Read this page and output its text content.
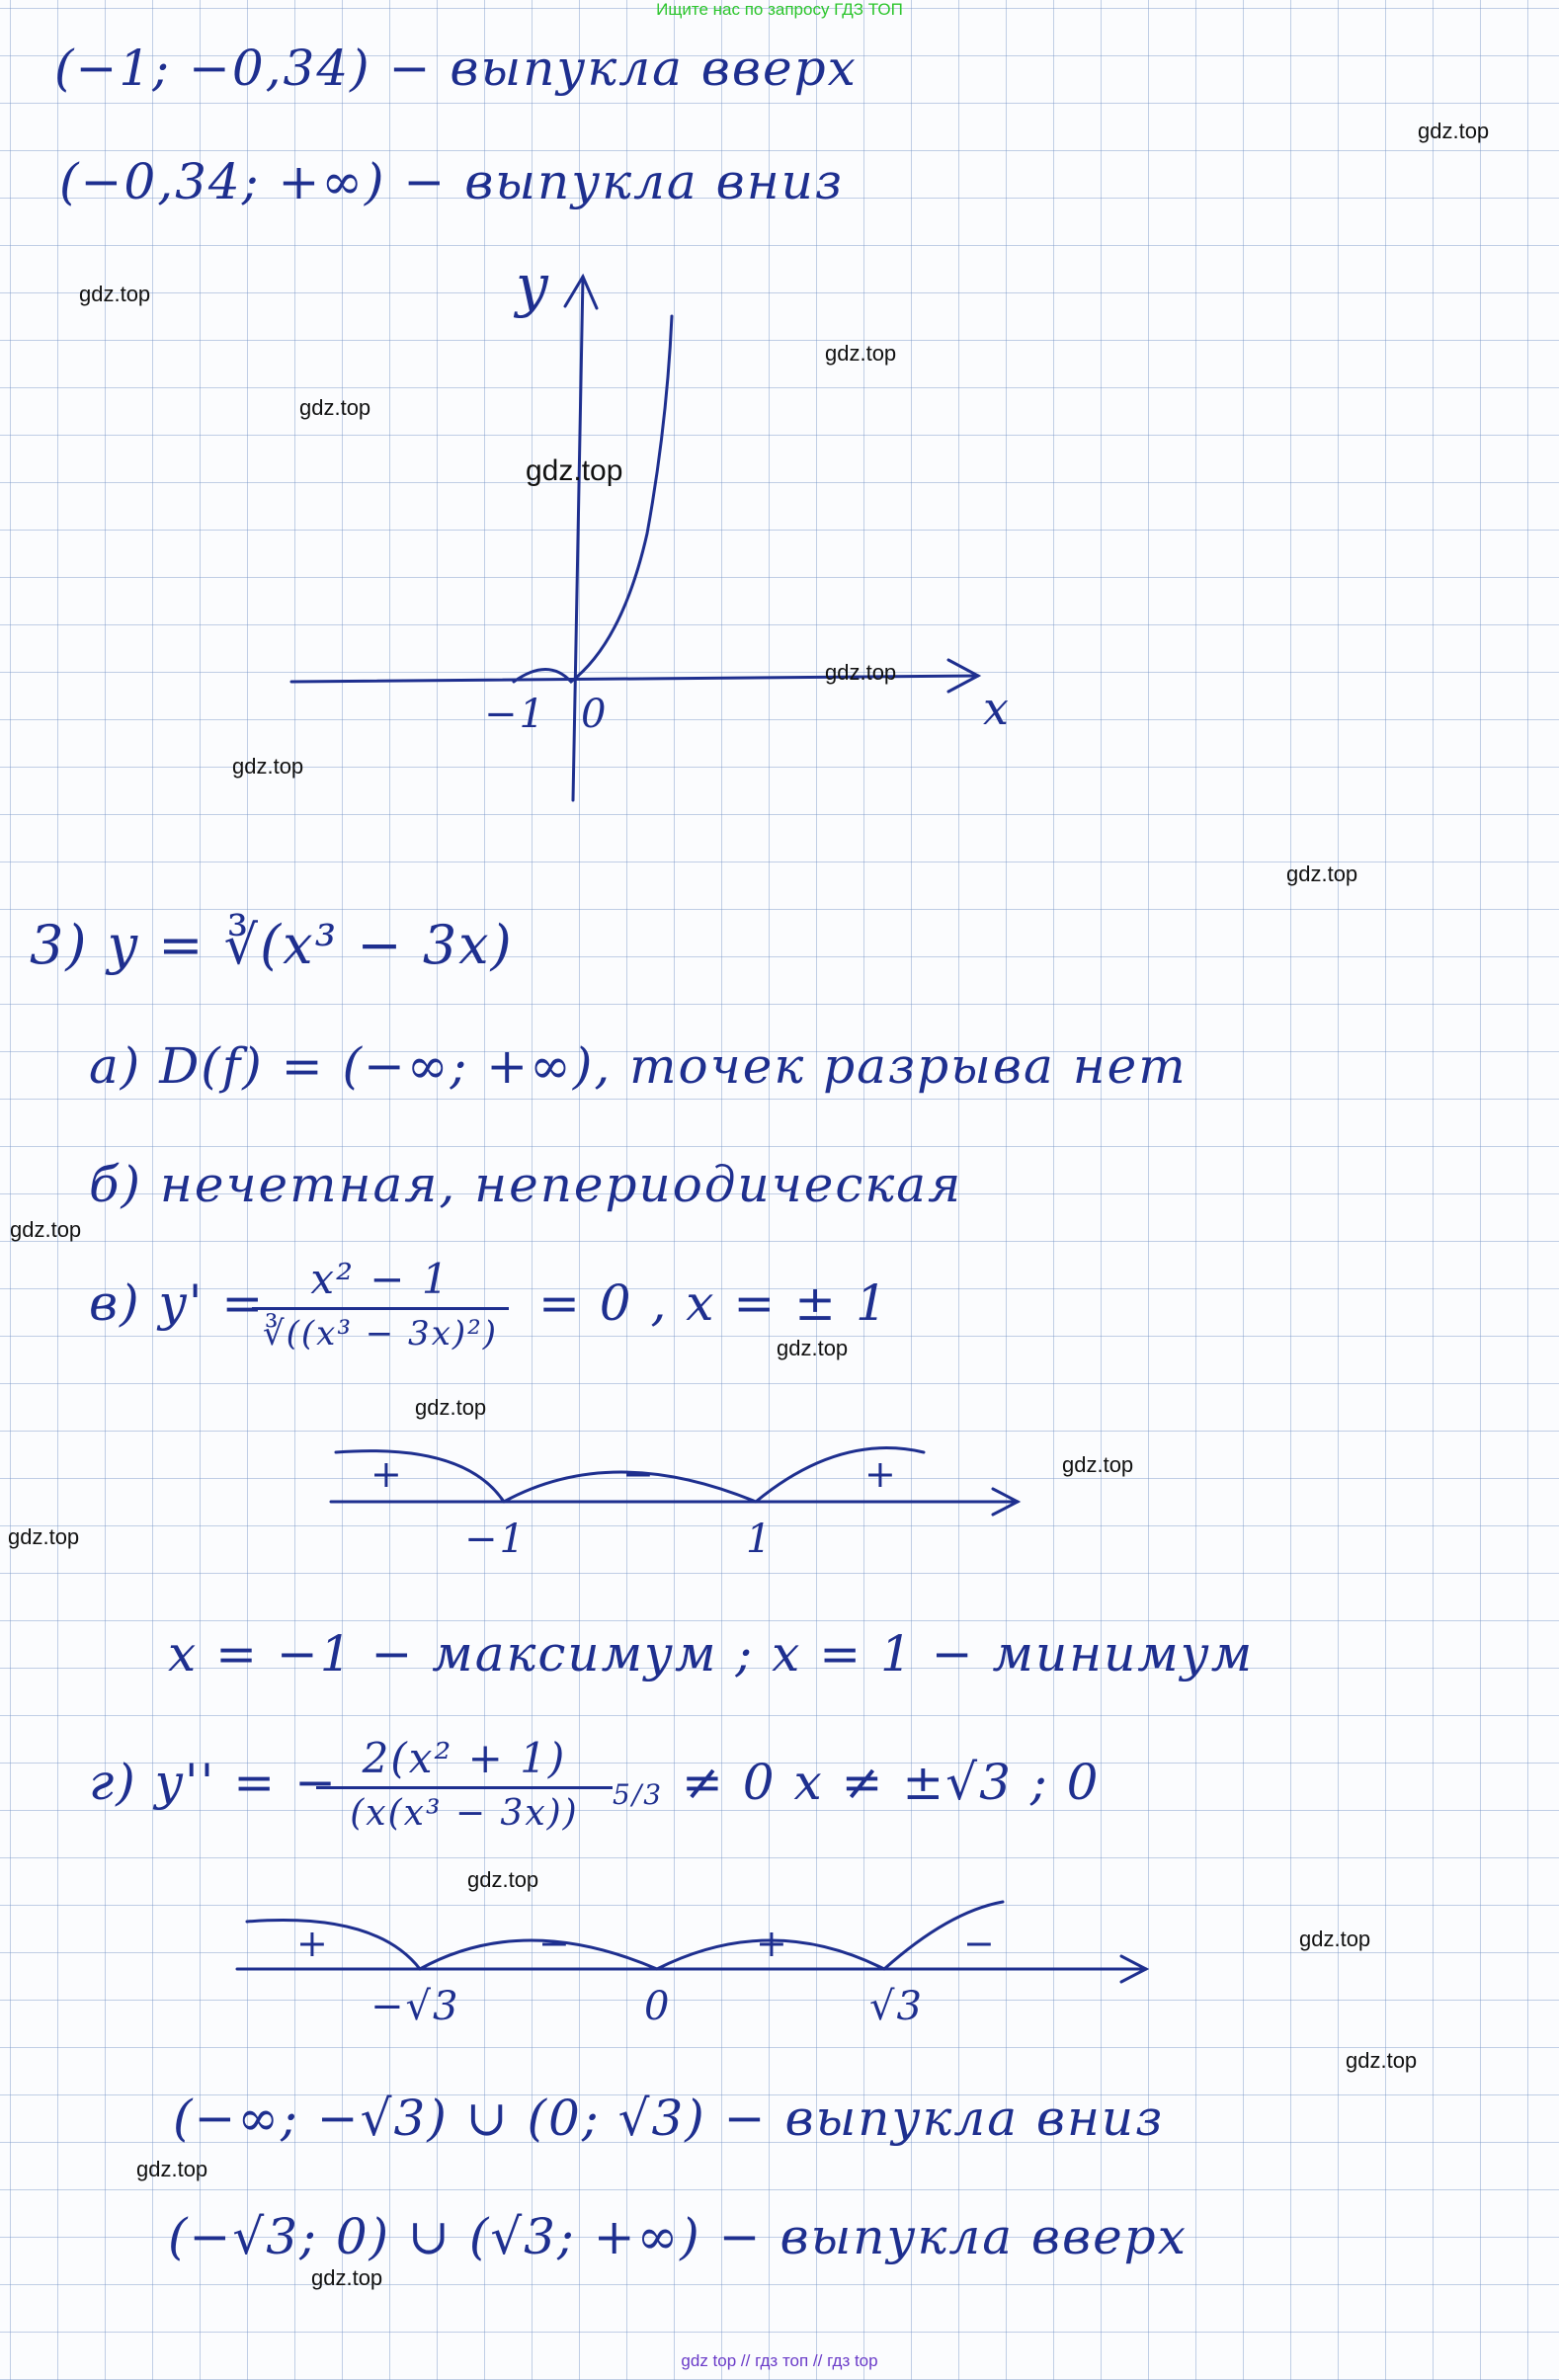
Ищите нас по запросу ГДЗ ТОП
(−1; −0,34) − выпукла вверх
(−0,34; +∞) − выпукла вниз
y
x
−1 0
3) y = ∛(x³ − 3x)
а) D(f) = (−∞; +∞), точек разрыва нет
б) нечетная, непериодическая
в) y' =	x² − 1
∛((x³ − 3x)²)
= 0 , x = ± 1
+	−	+
−1	1
x = −1 − максимум ; x = 1 − минимум
г) y'' = − 2(x² + 1)
(x(x³ − 3x))	5/3 ≠ 0 x ≠ ±√3 ; 0
+	−	+	−
−√3	0	√3
(−∞; −√3) ∪ (0; √3) − выпукла вниз
(−√3; 0) ∪ (√3; +∞) − выпукла вверх
gdz.top
gdz.top
gdz.top
gdz.top
gdz.top
gdz.top
gdz.top
gdz.top
gdz.top
gdz.top
gdz.top
gdz.top
gdz.top
gdz.top
gdz.top
gdz.top
gdz.top
gdz.top
gdz top // гдз топ // гдз top
